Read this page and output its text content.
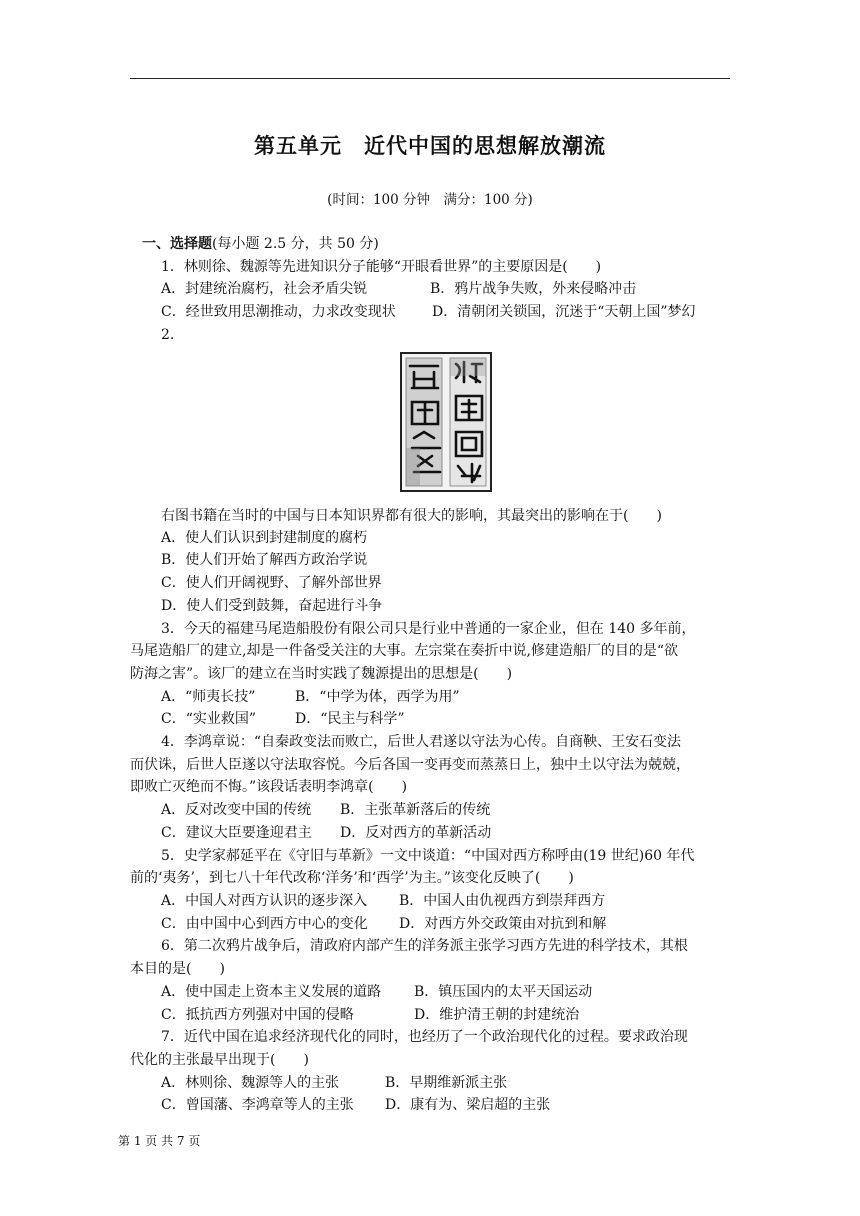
第五单元　近代中国的思想解放潮流
(时间：100 分钟　满分：100 分)
一、选择题(每小题 2.5 分，共 50 分)
1．林则徐、魏源等先进知识分子能够“开眼看世界”的主要原因是(　　)
A．封建统治腐朽，社会矛盾尖锐	B．鸦片战争失败，外来侵略冲击
C．经世致用思潮推动，力求改变现状	D．清朝闭关锁国，沉迷于“天朝上国”梦幻
2.
右图书籍在当时的中国与日本知识界都有很大的影响，其最突出的影响在于(　　)
A．使人们认识到封建制度的腐朽
B．使人们开始了解西方政治学说
C．使人们开阔视野、了解外部世界
D．使人们受到鼓舞，奋起进行斗争
3．今天的福建马尾造船股份有限公司只是行业中普通的一家企业，但在 140 多年前，
马尾造船厂的建立,却是一件备受关注的大事。左宗棠在奏折中说,修建造船厂的目的是“欲
防海之害”。该厂的建立在当时实践了魏源提出的思想是(　　)
A．“师夷长技”	B．“中学为体，西学为用”
C．“实业救国”	D．“民主与科学”
4．李鸿章说：“自秦政变法而败亡，后世人君遂以守法为心传。自商鞅、王安石变法
而伏诛，后世人臣遂以守法取容悦。今后各国一变再变而蒸蒸日上，独中土以守法为兢兢，
即败亡灭绝而不悔。”该段话表明李鸿章(　　)
A．反对改变中国的传统 B．主张革新落后的传统
C．建议大臣要逢迎君主 D．反对西方的革新活动
5．史学家郝延平在《守旧与革新》一文中谈道：“中国对西方称呼由(19 世纪)60 年代
前的‘夷务’，到七八十年代改称‘洋务’和‘西学’为主。”该变化反映了(　　)
A．中国人对西方认识的逐步深入 B．中国人由仇视西方到崇拜西方
C．由中国中心到西方中心的变化 D．对西方外交政策由对抗到和解
6．第二次鸦片战争后，清政府内部产生的洋务派主张学习西方先进的科学技术，其根
本目的是(　　)
A．使中国走上资本主义发展的道路 B．镇压国内的太平天国运动
C．抵抗西方列强对中国的侵略	D．维护清王朝的封建统治
7．近代中国在追求经济现代化的同时，也经历了一个政治现代化的过程。要求政治现
代化的主张最早出现于(　　)
A．林则徐、魏源等人的主张	B．早期维新派主张
C．曾国藩、李鸿章等人的主张 D．康有为、梁启超的主张
第 1 页 共 7 页
